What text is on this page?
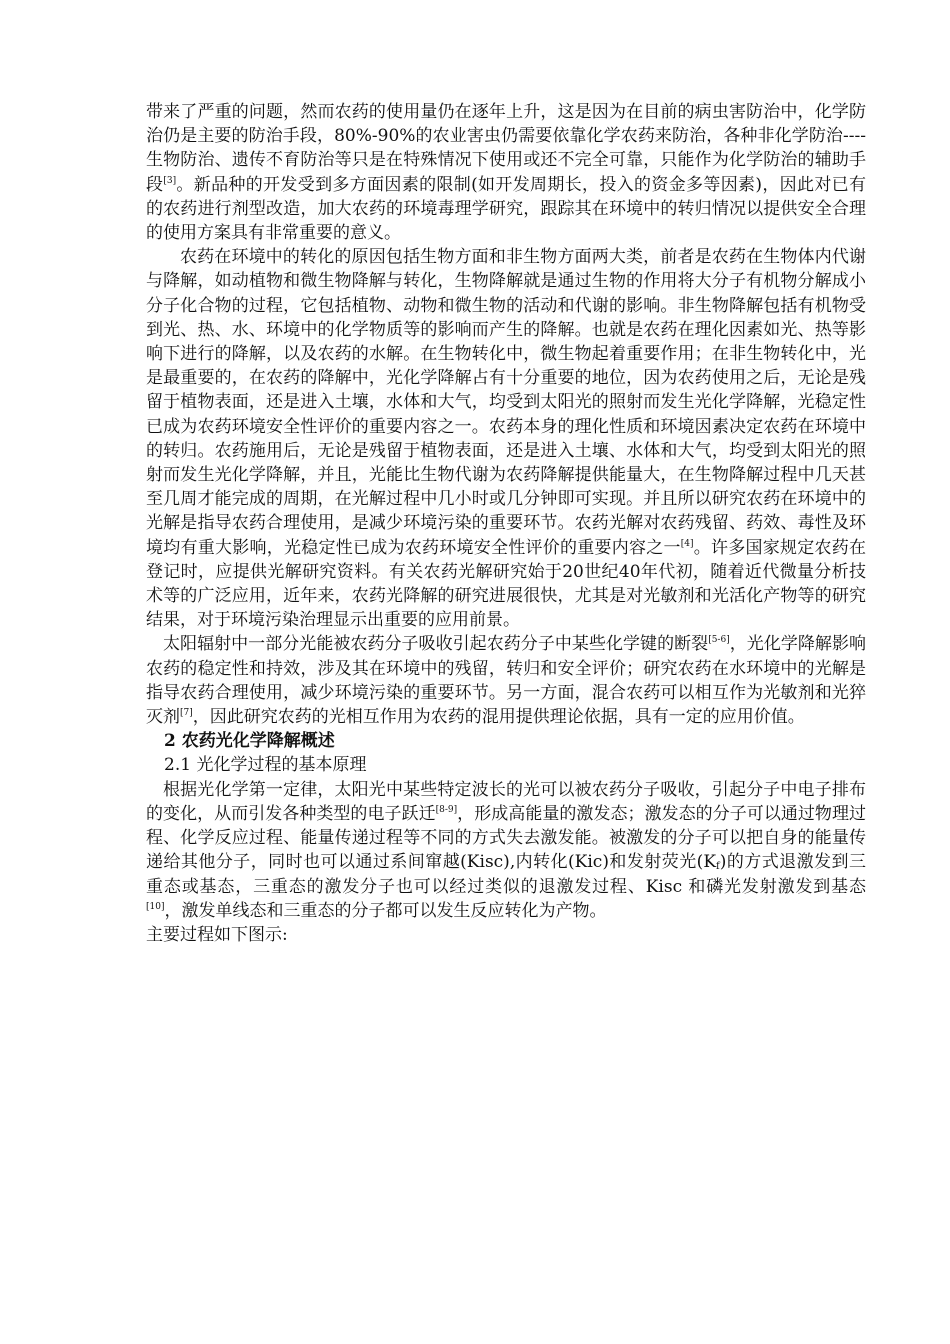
带来了严重的问题，然而农药的使用量仍在逐年上升，这是因为在目前的病虫害防治中，化学防治仍是主要的防治手段，80%-90%的农业害虫仍需要依靠化学农药来防治，各种非化学防治----生物防治、遗传不育防治等只是在特殊情况下使用或还不完全可靠，只能作为化学防治的辅助手段[3]。新品种的开发受到多方面因素的限制(如开发周期长，投入的资金多等因素)，因此对已有的农药进行剂型改造，加大农药的环境毒理学研究，跟踪其在环境中的转归情况以提供安全合理的使用方案具有非常重要的意义。

农药在环境中的转化的原因包括生物方面和非生物方面两大类，前者是农药在生物体内代谢与降解，如动植物和微生物降解与转化，生物降解就是通过生物的作用将大分子有机物分解成小分子化合物的过程，它包括植物、动物和微生物的活动和代谢的影响。非生物降解包括有机物受到光、热、水、环境中的化学物质等的影响而产生的降解。也就是农药在理化因素如光、热等影响下进行的降解，以及农药的水解。在生物转化中，微生物起着重要作用；在非生物转化中，光是最重要的，在农药的降解中，光化学降解占有十分重要的地位，因为农药使用之后，无论是残留于植物表面，还是进入土壤，水体和大气，均受到太阳光的照射而发生光化学降解，光稳定性已成为农药环境安全性评价的重要内容之一。农药本身的理化性质和环境因素决定农药在环境中的转归。农药施用后，无论是残留于植物表面，还是进入土壤、水体和大气，均受到太阳光的照射而发生光化学降解，并且，光能比生物代谢为农药降解提供能量大，在生物降解过程中几天甚至几周才能完成的周期，在光解过程中几小时或几分钟即可实现。并且所以研究农药在环境中的光解是指导农药合理使用，是减少环境污染的重要环节。农药光解对农药残留、药效、毒性及环境均有重大影响，光稳定性已成为农药环境安全性评价的重要内容之一[4]。许多国家规定农药在登记时，应提供光解研究资料。有关农药光解研究始于20世纪40年代初，随着近代微量分析技术等的广泛应用，近年来，农药光降解的研究进展很快，尤其是对光敏剂和光活化产物等的研究结果，对于环境污染治理显示出重要的应用前景。

太阳辐射中一部分光能被农药分子吸收引起农药分子中某些化学键的断裂[5-6]，光化学降解影响农药的稳定性和持效，涉及其在环境中的残留，转归和安全评价；研究农药在水环境中的光解是指导农药合理使用，减少环境污染的重要环节。另一方面，混合农药可以相互作为光敏剂和光猝灭剂[7]，因此研究农药的光相互作用为农药的混用提供理论依据，具有一定的应用价值。

2 农药光化学降解概述

2.1 光化学过程的基本原理

根据光化学第一定律，太阳光中某些特定波长的光可以被农药分子吸收，引起分子中电子排布的变化，从而引发各种类型的电子跃迁[8-9]，形成高能量的激发态；激发态的分子可以通过物理过程、化学反应过程、能量传递过程等不同的方式失去激发能。被激发的分子可以把自身的能量传递给其他分子，同时也可以通过系间窜越(Kisc),内转化(Kic)和发射荧光$(K_f)$的方式退激发到三重态或基态，三重态的激发分子也可以经过类似的退激发过程、Kisc 和磷光发射激发到基态[10]，激发单线态和三重态的分子都可以发生反应转化为产物。

主要过程如下图示:
